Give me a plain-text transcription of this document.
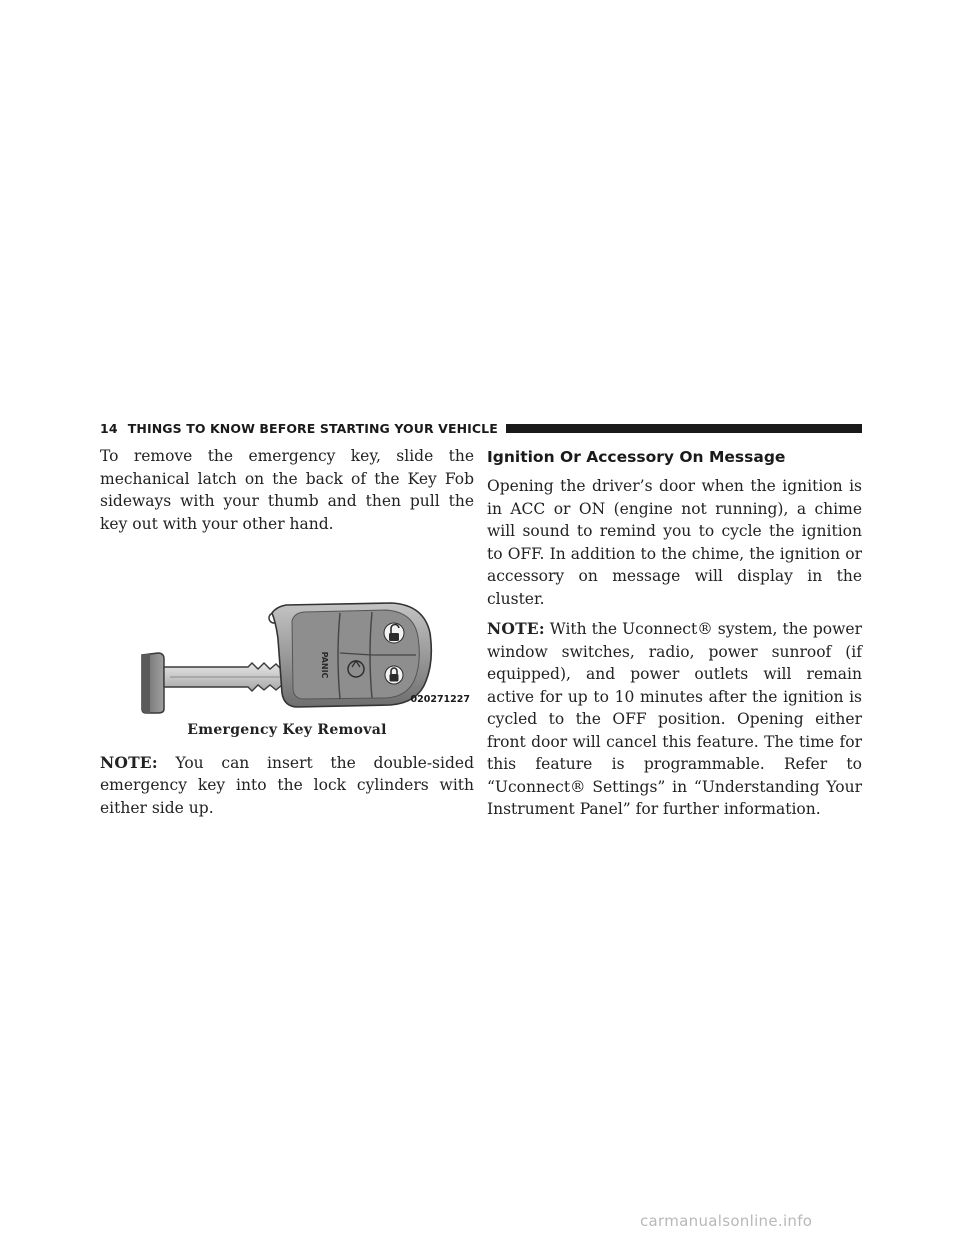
14 THINGS TO KNOW BEFORE STARTING YOUR VEHICLE

To remove the emergency key, slide the mechanical latch on the back of the Key Fob sideways with your thumb and then pull the key out with your other hand.

PANIC
020271227
Emergency Key Removal

NOTE: You can insert the double-sided emergency key into the lock cylinders with either side up.

Ignition Or Accessory On Message

Opening the driver’s door when the ignition is in ACC or ON (engine not running), a chime will sound to remind you to cycle the ignition to OFF. In addition to the chime, the ignition or accessory on message will display in the cluster.

NOTE: With the Uconnect® system, the power window switches, radio, power sunroof (if equipped), and power outlets will remain active for up to 10 minutes after the ignition is cycled to the OFF position. Opening either front door will cancel this feature. The time for this feature is programmable. Refer to “Uconnect® Settings” in “Understanding Your Instrument Panel” for further information.

carmanualsonline.info
